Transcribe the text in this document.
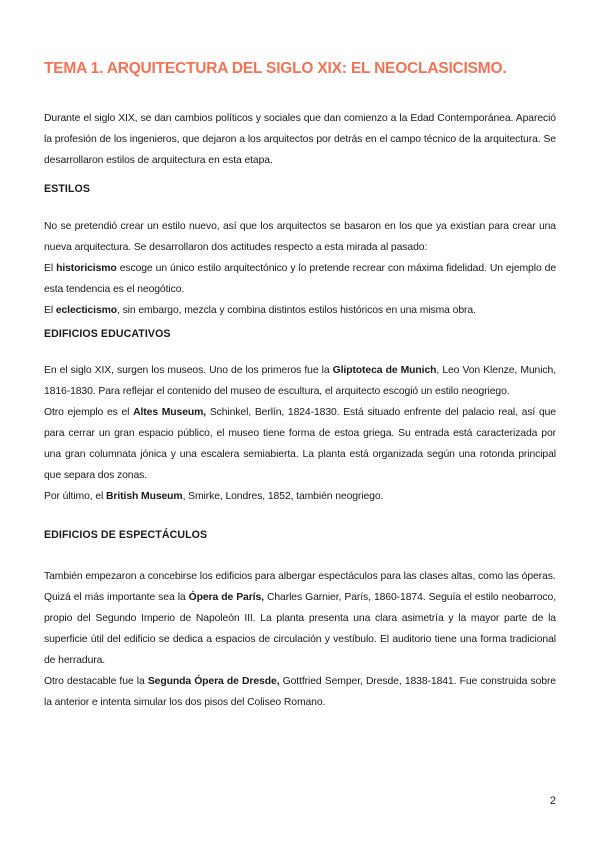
TEMA 1. ARQUITECTURA DEL SIGLO XIX: EL NEOCLASICISMO.

Durante el siglo XIX, se dan cambios políticos y sociales que dan comienzo a la Edad Contemporánea. Apareció la profesión de los ingenieros, que dejaron a los arquitectos por detrás en el campo técnico de la arquitectura. Se desarrollaron estilos de arquitectura en esta etapa.

ESTILOS

No se pretendió crear un estilo nuevo, así que los arquitectos se basaron en los que ya existían para crear una nueva arquitectura. Se desarrollaron dos actitudes respecto a esta mirada al pasado:

El historicismo escoge un único estilo arquitectónico y lo pretende recrear con máxima fidelidad. Un ejemplo de esta tendencia es el neogótico.

El eclecticismo, sin embargo, mezcla y combina distintos estilos históricos en una misma obra.

EDIFICIOS EDUCATIVOS

En el siglo XIX, surgen los museos. Uno de los primeros fue la Gliptoteca de Munich, Leo Von Klenze, Munich, 1816-1830. Para reflejar el contenido del museo de escultura, el arquitecto escogió un estilo neogriego.

Otro ejemplo es el Altes Museum, Schinkel, Berlín, 1824-1830. Está situado enfrente del palacio real, así que para cerrar un gran espacio público, el museo tiene forma de estoa griega. Su entrada está caracterizada por una gran columnata jónica y una escalera semiabierta. La planta está organizada según una rotonda principal que separa dos zonas.

Por último, el British Museum, Smirke, Londres, 1852, también neogriego.

EDIFICIOS DE ESPECTÁCULOS

También empezaron a concebirse los edificios para albergar espectáculos para las clases altas, como las óperas.

Quizá el más importante sea la Ópera de París, Charles Garnier, París, 1860-1874. Seguía el estilo neobarroco, propio del Segundo Imperio de Napoleón III. La planta presenta una clara asimetría y la mayor parte de la superficie útil del edificio se dedica a espacios de circulación y vestíbulo. El auditorio tiene una forma tradicional de herradura.

Otro destacable fue la Segunda Ópera de Dresde, Gottfried Semper, Dresde, 1838-1841. Fue construida sobre la anterior e intenta simular los dos pisos del Coliseo Romano.

2
